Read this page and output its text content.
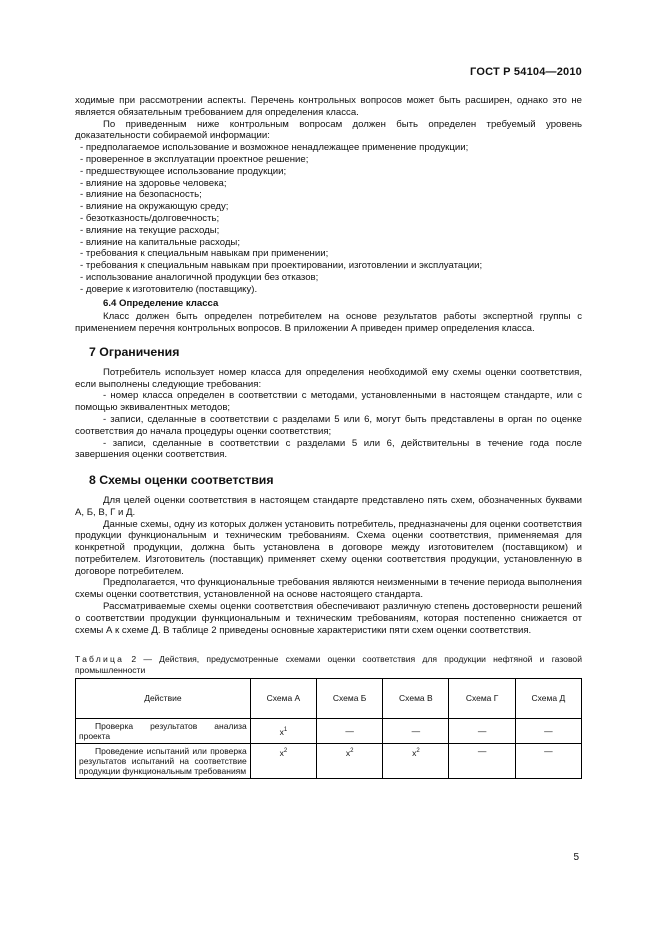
ГОСТ Р 54104—2010

ходимые при рассмотрении аспекты. Перечень контрольных вопросов может быть расширен, однако это не является обязательным требованием для определения класса.

По приведенным ниже контрольным вопросам должен быть определен требуемый уровень доказательности собираемой информации:

- предполагаемое использование и возможное ненадлежащее применение продукции;

- проверенное в эксплуатации проектное решение;

- предшествующее использование продукции;

- влияние на здоровье человека;

- влияние на безопасность;

- влияние на окружающую среду;

- безотказность/долговечность;

- влияние на текущие расходы;

- влияние на капитальные расходы;

- требования к специальным навыкам при применении;

- требования к специальным навыкам при проектировании, изготовлении и эксплуатации;

- использование аналогичной продукции без отказов;

- доверие к изготовителю (поставщику).

6.4 Определение класса

Класс должен быть определен потребителем на основе результатов работы экспертной группы с применением перечня контрольных вопросов. В приложении А приведен пример определения класса.

7 Ограничения

Потребитель использует номер класса для определения необходимой ему схемы оценки соответствия, если выполнены следующие требования:

- номер класса определен в соответствии с методами, установленными в настоящем стандарте, или с помощью эквивалентных методов;

- записи, сделанные в соответствии с разделами 5 или 6, могут быть представлены в орган по оценке соответствия до начала процедуры оценки соответствия;

- записи, сделанные в соответствии с разделами 5 или 6, действительны в течение года после завершения оценки соответствия.

8 Схемы оценки соответствия

Для целей оценки соответствия в настоящем стандарте представлено пять схем, обозначенных буквами А, Б, В, Г и Д.

Данные схемы, одну из которых должен установить потребитель, предназначены для оценки соответствия продукции функциональным и техническим требованиям. Схема оценки соответствия, применяемая для конкретной продукции, должна быть установлена в договоре между изготовителем (поставщиком) и потребителем. Изготовитель (поставщик) применяет схему оценки соответствия продукции, установленную в договоре потребителем.

Предполагается, что функциональные требования являются неизменными в течение периода выполнения схемы оценки соответствия, установленной на основе настоящего стандарта.

Рассматриваемые схемы оценки соответствия обеспечивают различную степень достоверности решений о соответствии продукции функциональным и техническим требованиям, которая постепенно снижается от схемы А к схеме Д. В таблице 2 приведены основные характеристики пяти схем оценки соответствия.

Таблица 2 — Действия, предусмотренные схемами оценки соответствия для продукции нефтяной и газовой промышленности

Действие	Схема А	Схема Б	Схема В	Схема Г	Схема Д
Проверка результатов анализа проекта	$x^1$	—	—	—	—
Проведение испытаний или проверка результатов испытаний на соответствие продукции функциональным требованиям	$x^2$	$x^2$	$x^2$	—	—
5
